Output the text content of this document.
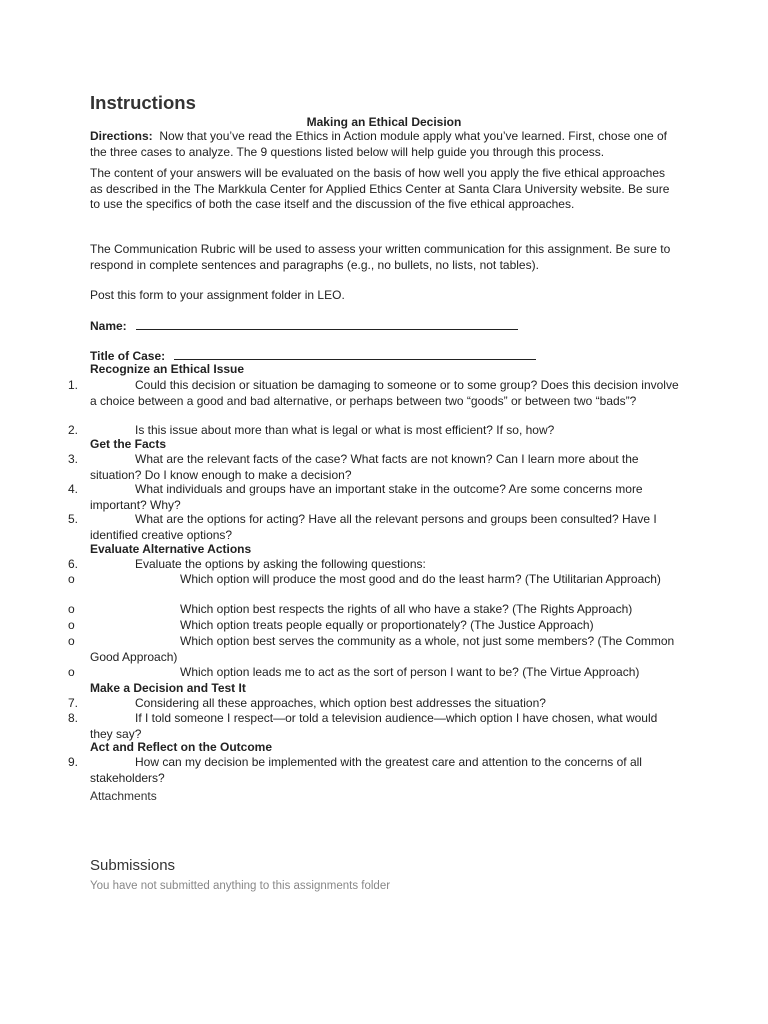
Instructions
Making an Ethical Decision
Directions: Now that you’ve read the Ethics in Action module apply what you’ve learned. First, chose one of the three cases to analyze. The 9 questions listed below will help guide you through this process.
The content of your answers will be evaluated on the basis of how well you apply the five ethical approaches as described in the The Markkula Center for Applied Ethics Center at Santa Clara University website. Be sure to use the specifics of both the case itself and the discussion of the five ethical approaches.
The Communication Rubric will be used to assess your written communication for this assignment. Be sure to respond in complete sentences and paragraphs (e.g., no bullets, no lists, not tables).
Post this form to your assignment folder in LEO.
Name:
Title of Case:
Recognize an Ethical Issue
1.	Could this decision or situation be damaging to someone or to some group? Does this decision involve a choice between a good and bad alternative, or perhaps between two “goods” or between two “bads”?
2.	Is this issue about more than what is legal or what is most efficient? If so, how?
Get the Facts
3.	What are the relevant facts of the case? What facts are not known? Can I learn more about the situation? Do I know enough to make a decision?
4.	What individuals and groups have an important stake in the outcome? Are some concerns more important? Why?
5.	What are the options for acting? Have all the relevant persons and groups been consulted? Have I identified creative options?
Evaluate Alternative Actions
6.	Evaluate the options by asking the following questions:
o	Which option will produce the most good and do the least harm? (The Utilitarian Approach)
o	Which option best respects the rights of all who have a stake? (The Rights Approach)
o	Which option treats people equally or proportionately? (The Justice Approach)
o	Which option best serves the community as a whole, not just some members? (The Common Good Approach)
o	Which option leads me to act as the sort of person I want to be? (The Virtue Approach)
Make a Decision and Test It
7.	Considering all these approaches, which option best addresses the situation?
8.	If I told someone I respect—or told a television audience—which option I have chosen, what would they say?
Act and Reflect on the Outcome
9.	How can my decision be implemented with the greatest care and attention to the concerns of all stakeholders?
Attachments
Submissions
You have not submitted anything to this assignments folder
